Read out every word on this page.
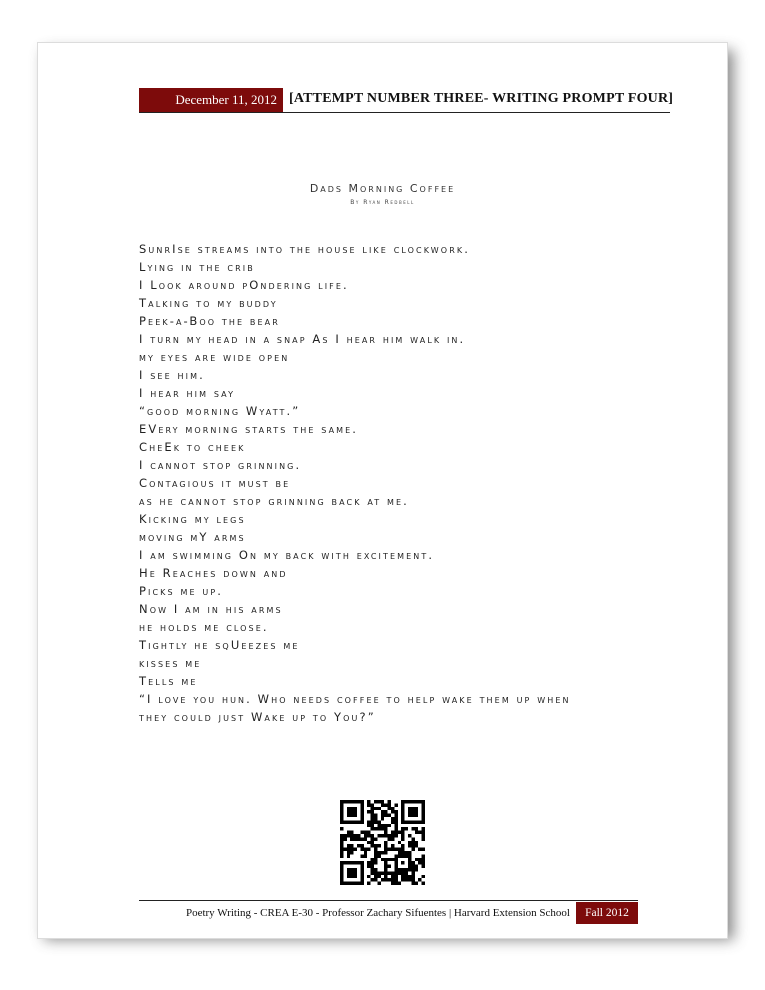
December 11, 2012 [ATTEMPT NUMBER THREE- WRITING PROMPT FOUR]
Dads Morning Coffee
By Ryan Redbell
SunrIse streams into the house like clockwork.
Lying in the crib
I Look around pOndering life.
Talking to my buddy
Peek-a-Boo the bear
I turn my head in a snap As I hear him walk in.
my eyes are wide open
I see him.
I hear him say
“good morning Wyatt.”
EVery morning starts the same.
CheEk to cheek
I cannot stop grinning.
Contagious it must be
as he cannot stop grinning back at me.
Kicking my legs
moving mY arms
I am swimming On my back with excitement.
He Reaches down and
Picks me up.
Now I am in his arms
he holds me close.
Tightly he sqUeezes me
kisses me
Tells me
“I love you hun. Who needs coffee to help wake them up when
they could just Wake up to You?”
Poetry Writing - CREA E-30 - Professor Zachary Sifuentes | Harvard Extension School	Fall 2012
